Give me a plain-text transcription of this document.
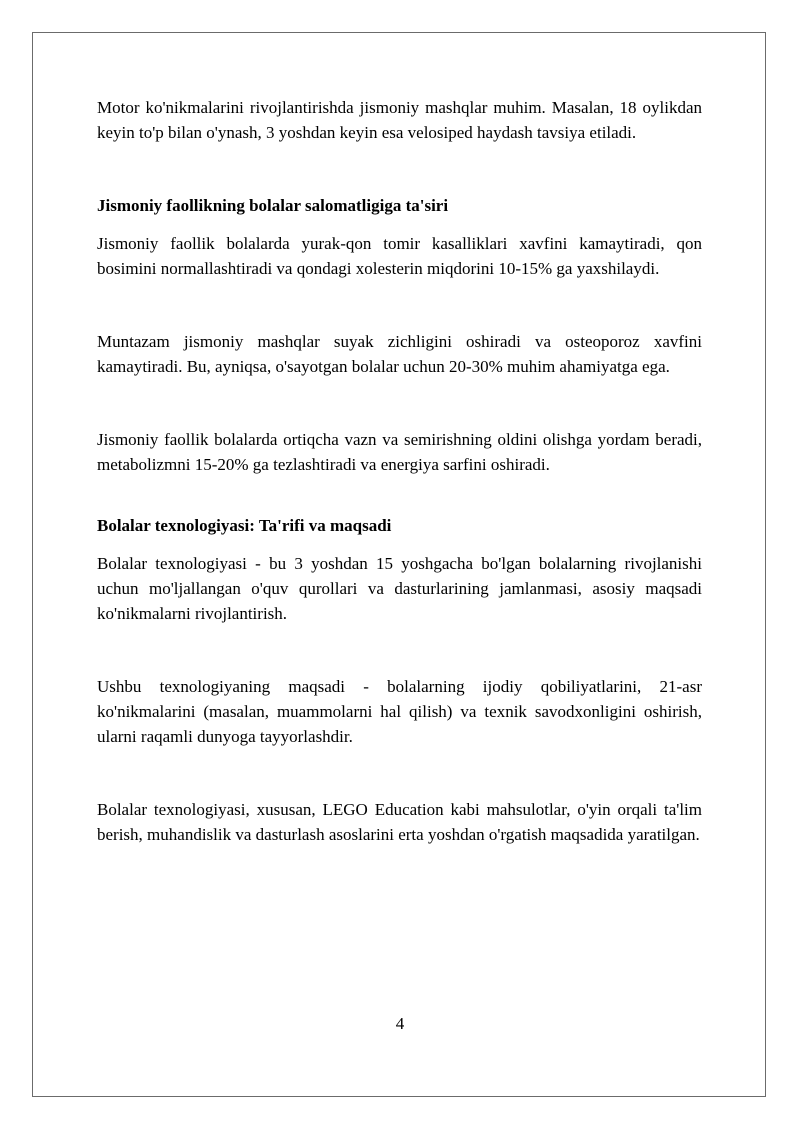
Motor ko'nikmalarini rivojlantirishda jismoniy mashqlar muhim. Masalan, 18 oylikdan keyin to'p bilan o'ynash, 3 yoshdan keyin esa velosiped haydash tavsiya etiladi.

Jismoniy faollikning bolalar salomatligiga ta'siri

Jismoniy faollik bolalarda yurak-qon tomir kasalliklari xavfini kamaytiradi, qon bosimini normallashtiradi va qondagi xolesterin miqdorini 10-15% ga yaxshilaydi.

Muntazam jismoniy mashqlar suyak zichligini oshiradi va osteoporoz xavfini kamaytiradi. Bu, ayniqsa, o'sayotgan bolalar uchun 20-30% muhim ahamiyatga ega.

Jismoniy faollik bolalarda ortiqcha vazn va semirishning oldini olishga yordam beradi, metabolizmni 15-20% ga tezlashtiradi va energiya sarfini oshiradi.

Bolalar texnologiyasi: Ta'rifi va maqsadi

Bolalar texnologiyasi - bu 3 yoshdan 15 yoshgacha bo'lgan bolalarning rivojlanishi uchun mo'ljallangan o'quv qurollari va dasturlarining jamlanmasi, asosiy maqsadi ko'nikmalarni rivojlantirish.

Ushbu texnologiyaning maqsadi - bolalarning ijodiy qobiliyatlarini, 21-asr ko'nikmalarini (masalan, muammolarni hal qilish) va texnik savodxonligini oshirish, ularni raqamli dunyoga tayyorlashdir.

Bolalar texnologiyasi, xususan, LEGO Education kabi mahsulotlar, o'yin orqali ta'lim berish, muhandislik va dasturlash asoslarini erta yoshdan o'rgatish maqsadida yaratilgan.

4
